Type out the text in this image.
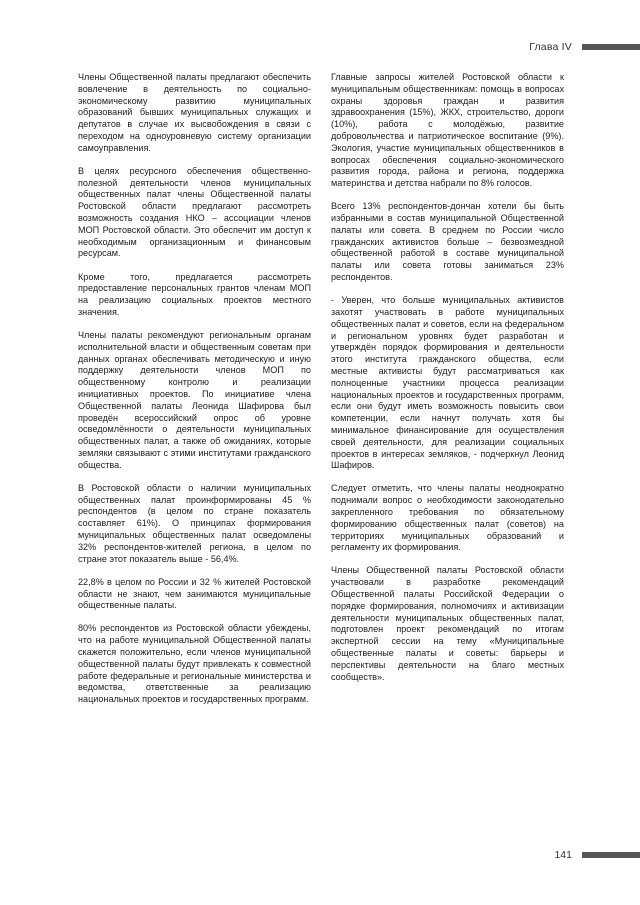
Глава IV

Члены Общественной палаты предлагают обеспечить вовлечение в деятельность по социально-экономическому развитию муниципальных образований бывших муниципальных служащих и депутатов в случае их высвобождения в связи с переходом на одноуровневую систему организации самоуправления.

В целях ресурсного обеспечения общественно-полезной деятельности членов муниципальных общественных палат члены Общественной палаты Ростовской области предлагают рассмотреть возможность создания НКО – ассоциации членов МОП Ростовской области. Это обеспечит им доступ к необходимым организационным и финансовым ресурсам.

Кроме того, предлагается рассмотреть предоставление персональных грантов членам МОП на реализацию социальных проектов местного значения.

Члены палаты рекомендуют региональным органам исполнительной власти и общественным советам при данных органах обеспечивать методическую и иную поддержку деятельности членов МОП по общественному контролю и реализации инициативных проектов. По инициативе члена Общественной палаты Леонида Шафирова был проведён всероссийский опрос об уровне осведомлённости о деятельности муниципальных общественных палат, а также об ожиданиях, которые земляки связывают с этими институтами гражданского общества.

В Ростовской области о наличии муниципальных общественных палат проинформированы 45 % респондентов (в целом по стране показатель составляет 61%). О принципах формирования муниципальных общественных палат осведомлены 32% респондентов-жителей региона, в целом по стране этот показатель выше - 56,4%.

22,8% в целом по России и 32 % жителей Ростовской области не знают, чем занимаются муниципальные общественные палаты.

80% респондентов из Ростовской области убеждены, что на работе муниципальной Общественной палаты скажется положительно, если членов муниципальной общественной палаты будут привлекать к совместной работе федеральные и региональные министерства и ведомства, ответственные за реализацию национальных проектов и государственных программ.

Главные запросы жителей Ростовской области к муниципальным общественникам: помощь в вопросах охраны здоровья граждан и развития здравоохранения (15%), ЖКХ, строительство, дороги (10%), работа с молодёжью, развитие добровольчества и патриотическое воспитание (9%). Экология, участие муниципальных общественников в вопросах обеспечения социально-экономического развития города, района и региона, поддержка материнства и детства набрали по 8% голосов.

Всего 13% респондентов-дончан хотели бы быть избранными в состав муниципальной Общественной палаты или совета. В среднем по России число гражданских активистов больше – безвозмездной общественной работой в составе муниципальной палаты или совета готовы заниматься 23% респондентов.

- Уверен, что больше муниципальных активистов захотят участвовать в работе муниципальных общественных палат и советов, если на федеральном и региональном уровнях будет разработан и утверждён порядок формирования и деятельности этого института гражданского общества, если местные активисты будут рассматриваться как полноценные участники процесса реализации национальных проектов и государственных программ, если они будут иметь возможность повысить свои компетенции, если начнут получать хотя бы минимальное финансирование для осуществления своей деятельности, для реализации социальных проектов в интересах земляков, - подчеркнул Леонид Шафиров.

Следует отметить, что члены палаты неоднократно поднимали вопрос о необходимости законодательно закрепленного требования по обязательному формированию общественных палат (советов) на территориях муниципальных образований и регламенту их формирования.

Члены Общественной палаты Ростовской области участвовали в разработке рекомендаций Общественной палаты Российской Федерации о порядке формирования, полномочиях и активизации деятельности муниципальных общественных палат, подготовлен проект рекомендаций по итогам экспертной сессии на тему «Муниципальные общественные палаты и советы: барьеры и перспективы деятельности на благо местных сообществ».

141
